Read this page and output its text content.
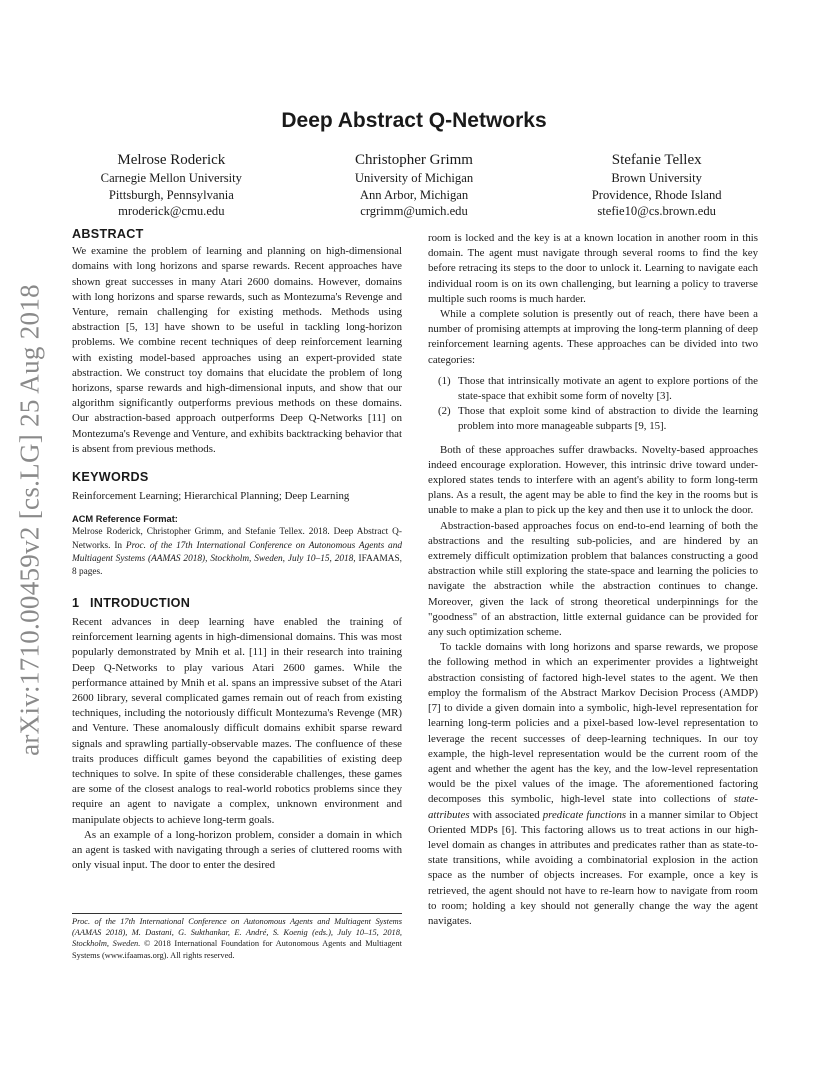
arXiv:1710.00459v2 [cs.LG] 25 Aug 2018
Deep Abstract Q-Networks
Melrose Roderick
Carnegie Mellon University
Pittsburgh, Pennsylvania
mroderick@cmu.edu
Christopher Grimm
University of Michigan
Ann Arbor, Michigan
crgrimm@umich.edu
Stefanie Tellex
Brown University
Providence, Rhode Island
stefie10@cs.brown.edu
ABSTRACT

We examine the problem of learning and planning on high-dimensional domains with long horizons and sparse rewards. Recent approaches have shown great successes in many Atari 2600 domains. However, domains with long horizons and sparse rewards, such as Montezuma's Revenge and Venture, remain challenging for existing methods. Methods using abstraction [5, 13] have shown to be useful in tackling long-horizon problems. We combine recent techniques of deep reinforcement learning with existing model-based approaches using an expert-provided state abstraction. We construct toy domains that elucidate the problem of long horizons, sparse rewards and high-dimensional inputs, and show that our algorithm significantly outperforms previous methods on these domains. Our abstraction-based approach outperforms Deep Q-Networks [11] on Montezuma's Revenge and Venture, and exhibits backtracking behavior that is absent from previous methods.

KEYWORDS

Reinforcement Learning; Hierarchical Planning; Deep Learning

ACM Reference Format:
Melrose Roderick, Christopher Grimm, and Stefanie Tellex. 2018. Deep Abstract Q-Networks. In Proc. of the 17th International Conference on Autonomous Agents and Multiagent Systems (AAMAS 2018), Stockholm, Sweden, July 10–15, 2018, IFAAMAS, 8 pages.
1 INTRODUCTION

Recent advances in deep learning have enabled the training of reinforcement learning agents in high-dimensional domains. This was most popularly demonstrated by Mnih et al. [11] in their research into training Deep Q-Networks to play various Atari 2600 games. While the performance attained by Mnih et al. spans an impressive subset of the Atari 2600 library, several complicated games remain out of reach from existing techniques, including the notoriously difficult Montezuma's Revenge (MR) and Venture. These anomalously difficult domains exhibit sparse reward signals and sprawling partially-observable mazes. The confluence of these traits produces difficult games beyond the capabilities of existing deep techniques to solve. In spite of these considerable challenges, these games are some of the closest analogs to real-world robotics problems since they require an agent to navigate a complex, unknown environment and manipulate objects to achieve long-term goals.

As an example of a long-horizon problem, consider a domain in which an agent is tasked with navigating through a series of cluttered rooms with only visual input. The door to enter the desired

room is locked and the key is at a known location in another room in this domain. The agent must navigate through several rooms to find the key before retracing its steps to the door to unlock it. Learning to navigate each individual room is on its own challenging, but learning a policy to traverse multiple such rooms is much harder.

While a complete solution is presently out of reach, there have been a number of promising attempts at improving the long-term planning of deep reinforcement learning agents. These approaches can be divided into two categories:

(1) Those that intrinsically motivate an agent to explore portions of the state-space that exhibit some form of novelty [3].
(2) Those that exploit some kind of abstraction to divide the learning problem into more manageable subparts [9, 15].

Both of these approaches suffer drawbacks. Novelty-based approaches indeed encourage exploration. However, this intrinsic drive toward under-explored states tends to interfere with an agent's ability to form long-term plans. As a result, the agent may be able to find the key in the rooms but is unable to make a plan to pick up the key and then use it to unlock the door.

Abstraction-based approaches focus on end-to-end learning of both the abstractions and the resulting sub-policies, and are hindered by an extremely difficult optimization problem that balances constructing a good abstraction while still exploring the state-space and learning the policies to navigate the abstraction while the abstraction continues to change. Moreover, given the lack of strong theoretical underpinnings for the "goodness" of an abstraction, little external guidance can be provided for any such optimization scheme.

To tackle domains with long horizons and sparse rewards, we propose the following method in which an experimenter provides a lightweight abstraction consisting of factored high-level states to the agent. We then employ the formalism of the Abstract Markov Decision Process (AMDP) [7] to divide a given domain into a symbolic, high-level representation for learning long-term policies and a pixel-based low-level representation to leverage the recent successes of deep-learning techniques. In our toy example, the high-level representation would be the current room of the agent and whether the agent has the key, and the low-level representation would be the pixel values of the image. The aforementioned factoring decomposes this symbolic, high-level state into collections of state-attributes with associated predicate functions in a manner similar to Object Oriented MDPs [6]. This factoring allows us to treat actions in our high-level domain as changes in attributes and predicates rather than as state-to-state transitions, while avoiding a combinatorial explosion in the action space as the number of objects increases. For example, once a key is retrieved, the agent should not have to re-learn how to navigate from room to room; holding a key should not generally change the way the agent navigates.

Proc. of the 17th International Conference on Autonomous Agents and Multiagent Systems (AAMAS 2018), M. Dastani, G. Sukthankar, E. André, S. Koenig (eds.), July 10–15, 2018, Stockholm, Sweden. © 2018 International Foundation for Autonomous Agents and Multiagent Systems (www.ifaamas.org). All rights reserved.
